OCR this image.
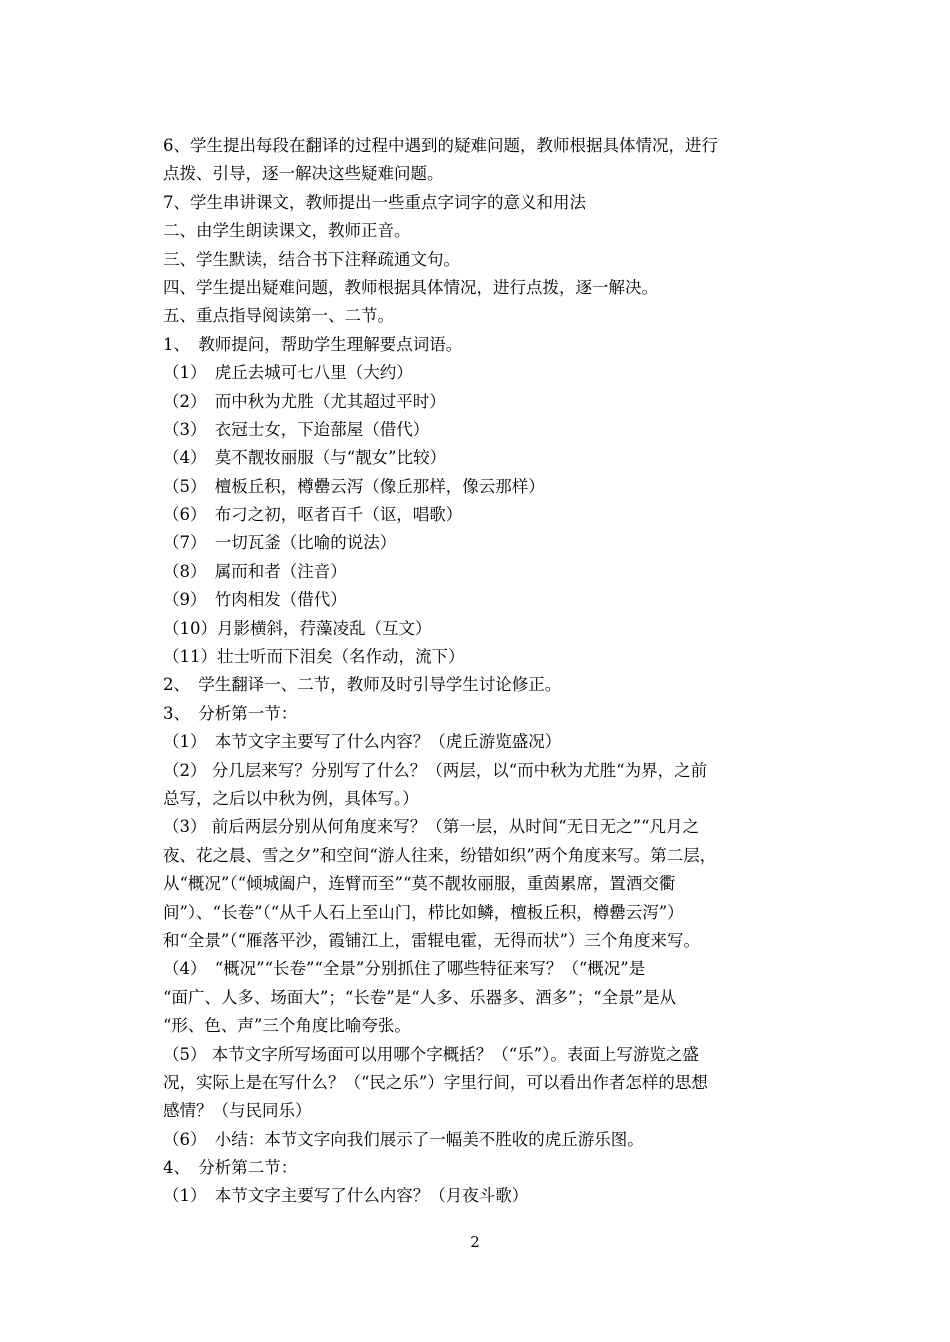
6、学生提出每段在翻译的过程中遇到的疑难问题，教师根据具体情况，进行
点拨、引导，逐一解决这些疑难问题。
7、学生串讲课文，教师提出一些重点字词字的意义和用法
二、由学生朗读课文，教师正音。
三、学生默读，结合书下注释疏通文句。
四、学生提出疑难问题，教师根据具体情况，进行点拨，逐一解决。
五、重点指导阅读第一、二节。
1、　教师提问，帮助学生理解要点词语。
（1）　虎丘去城可七八里（大约）
（2）　而中秋为尤胜（尤其超过平时）
（3）　衣冠士女，下迨蔀屋（借代）
（4）　莫不靓妆丽服（与“靓女”比较）
（5）　檀板丘积，樽罍云泻（像丘那样，像云那样）
（6）　布刁之初，呕者百千（讴，唱歌）
（7）　一切瓦釜（比喻的说法）
（8）　属而和者（注音）
（9）　竹肉相发（借代）
（10）月影横斜，荇藻凌乱（互文）
（11）壮士听而下泪矣（名作动，流下）
2、　学生翻译一、二节，教师及时引导学生讨论修正。
3、　分析第一节：
（1）　本节文字主要写了什么内容？（虎丘游览盛况）
（2） 分几层来写？分别写了什么？（两层，以“而中秋为尤胜“为界，之前
总写，之后以中秋为例，具体写。）
（3） 前后两层分别从何角度来写？（第一层，从时间“无日无之”“凡月之
夜、花之晨、雪之夕”和空间“游人往来，纷错如织”两个角度来写。第二层，
从“概况”（“倾城阖户，连臂而至”“莫不靓妆丽服，重茵累席，置酒交衢
间”）、“长卷”（“从千人石上至山门，栉比如鳞，檀板丘积，樽罍云泻”）
和“全景”（“雁落平沙，霞铺江上，雷辊电霍，无得而状”）三个角度来写。
（4）　“概况”“长卷”“全景”分别抓住了哪些特征来写？（“概况”是
“面广、人多、场面大”；“长卷”是“人多、乐器多、酒多”；“全景”是从
“形、色、声”三个角度比喻夸张。
（5） 本节文字所写场面可以用哪个字概括？（“乐”）。表面上写游览之盛
况，实际上是在写什么？（“民之乐”）字里行间，可以看出作者怎样的思想
感情？（与民同乐）
（6）　小结：本节文字向我们展示了一幅美不胜收的虎丘游乐图。
4、　分析第二节：
（1）　本节文字主要写了什么内容？（月夜斗歌）
2
